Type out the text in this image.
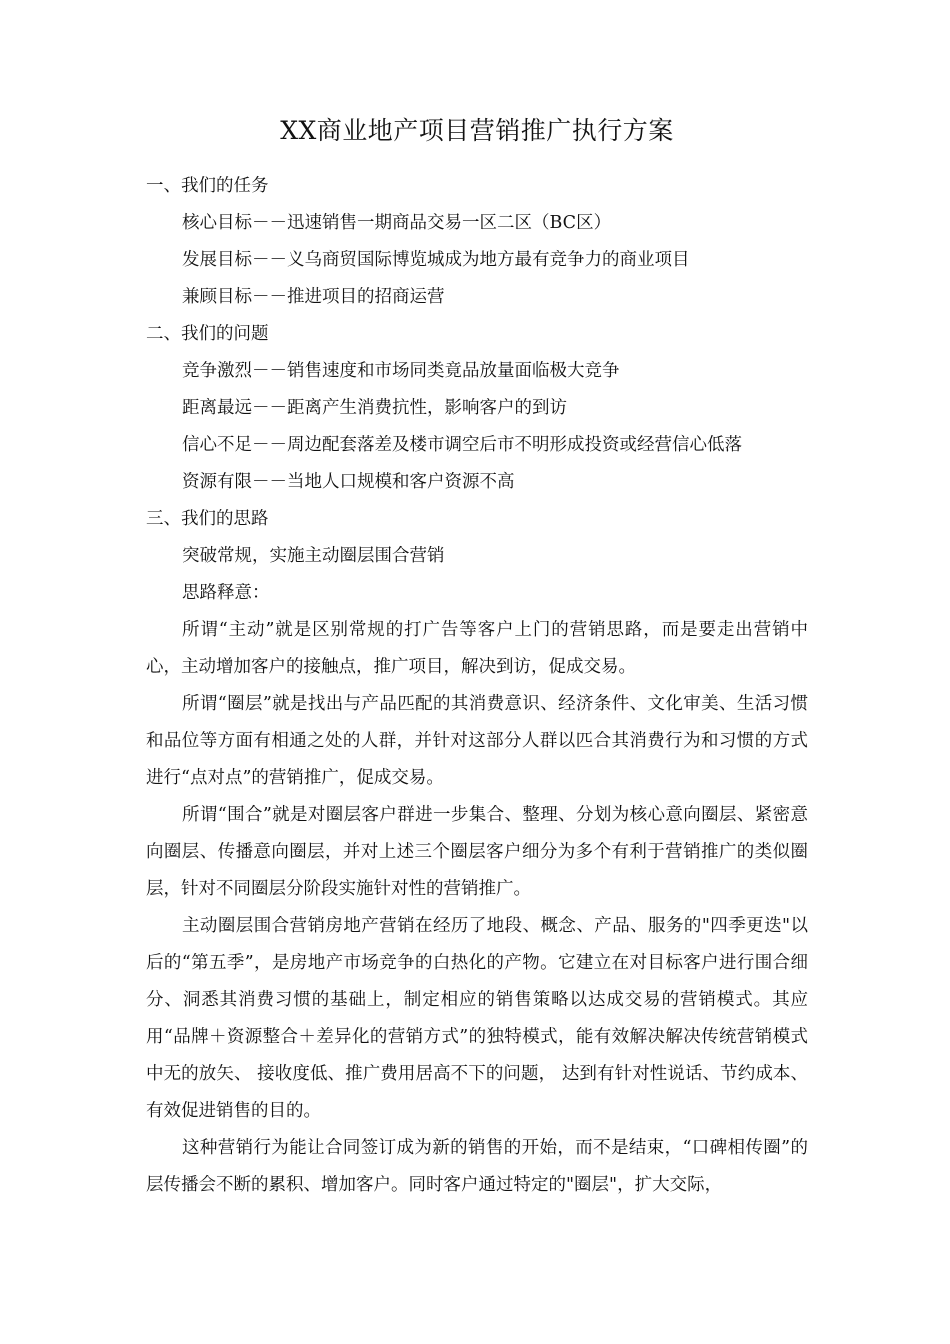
XX商业地产项目营销推广执行方案

一、我们的任务

核心目标－－迅速销售一期商品交易一区二区（BC区）

发展目标－－义乌商贸国际博览城成为地方最有竞争力的商业项目

兼顾目标－－推进项目的招商运营

二、我们的问题

竞争激烈－－销售速度和市场同类竟品放量面临极大竞争

距离最远－－距离产生消费抗性，影响客户的到访

信心不足－－周边配套落差及楼市调空后市不明形成投资或经营信心低落

资源有限－－当地人口规模和客户资源不高

三、我们的思路

突破常规，实施主动圈层围合营销

思路释意：

所谓“主动”就是区别常规的打广告等客户上门的营销思路，而是要走出营销中心，主动增加客户的接触点，推广项目，解决到访，促成交易。

所谓“圈层”就是找出与产品匹配的其消费意识、经济条件、文化审美、生活习惯和品位等方面有相通之处的人群，并针对这部分人群以匹合其消费行为和习惯的方式进行“点对点”的营销推广，促成交易。

所谓“围合”就是对圈层客户群进一步集合、整理、分划为核心意向圈层、紧密意向圈层、传播意向圈层，并对上述三个圈层客户细分为多个有利于营销推广的类似圈层，针对不同圈层分阶段实施针对性的营销推广。

主动圈层围合营销房地产营销在经历了地段、概念、产品、服务的"四季更迭"以后的“第五季”，是房地产市场竞争的白热化的产物。它建立在对目标客户进行围合细分、洞悉其消费习惯的基础上，制定相应的销售策略以达成交易的营销模式。其应用“品牌＋资源整合＋差异化的营销方式”的独特模式，能有效解决解决传统营销模式中无的放矢、 接收度低、推广费用居高不下的问题， 达到有针对性说话、节约成本、有效促进销售的目的。

这种营销行为能让合同签订成为新的销售的开始，而不是结束，“口碑相传圈”的层传播会不断的累积、增加客户。同时客户通过特定的"圈层"，扩大交际，
